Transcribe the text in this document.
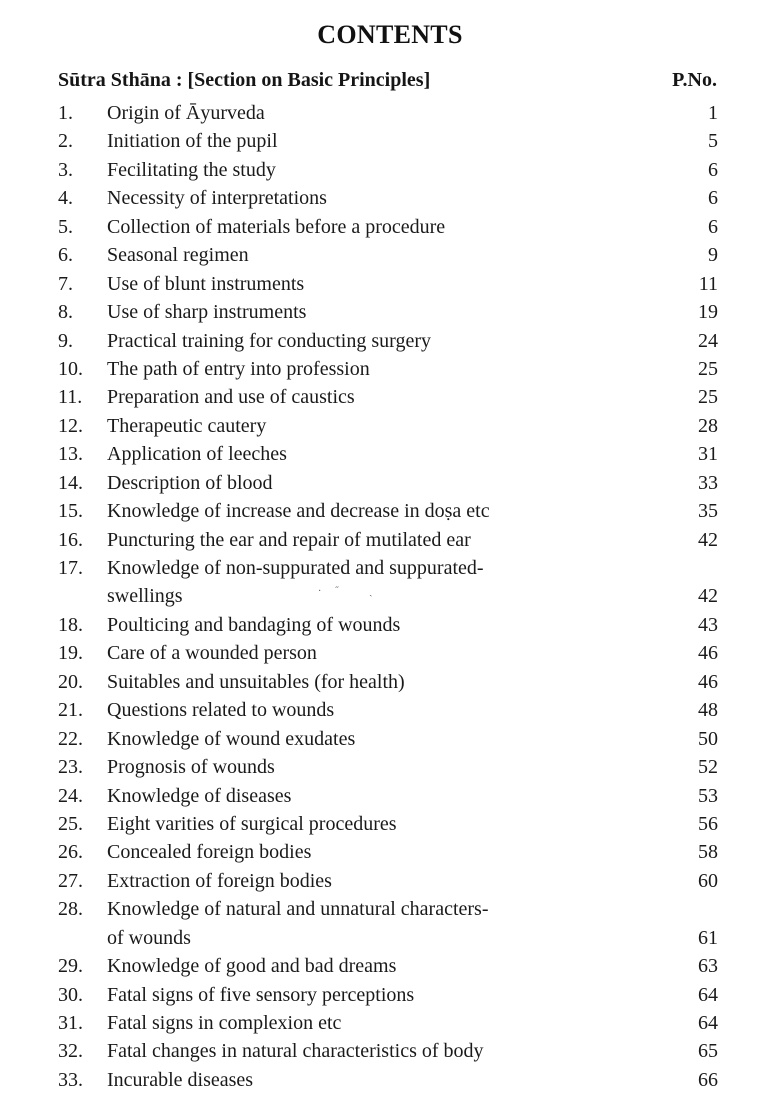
CONTENTS
Sūtra Sthāna : [Section on Basic Principles]	P.No.
1. Origin of Āyurveda	1
2. Initiation of the pupil	5
3. Fecilitating the study	6
4. Necessity of interpretations	6
5. Collection of materials before a procedure	6
6. Seasonal regimen	9
7. Use of blunt instruments	11
8. Use of sharp instruments	19
9. Practical training for conducting surgery	24
10. The path of entry into profession	25
11. Preparation and use of caustics	25
12. Therapeutic cautery	28
13. Application of leeches	31
14. Description of blood	33
15. Knowledge of increase and decrease in doṣa etc	35
16. Puncturing the ear and repair of mutilated ear	42
17. Knowledge of non-suppurated and suppurated-
swellings	42
18. Poulticing and bandaging of wounds	43
19. Care of a wounded person	46
20. Suitables and unsuitables (for health)	46
21. Questions related to wounds	48
22. Knowledge of wound exudates	50
23. Prognosis of wounds	52
24. Knowledge of diseases	53
25. Eight varities of surgical procedures	56
26. Concealed foreign bodies	58
27. Extraction of foreign bodies	60
28. Knowledge of natural and unnatural characters-
of wounds	61
29. Knowledge of good and bad dreams	63
30. Fatal signs of five sensory perceptions	64
31. Fatal signs in complexion etc	64
32. Fatal changes in natural characteristics of body	65
33. Incurable diseases	66
·˝ ˎ
